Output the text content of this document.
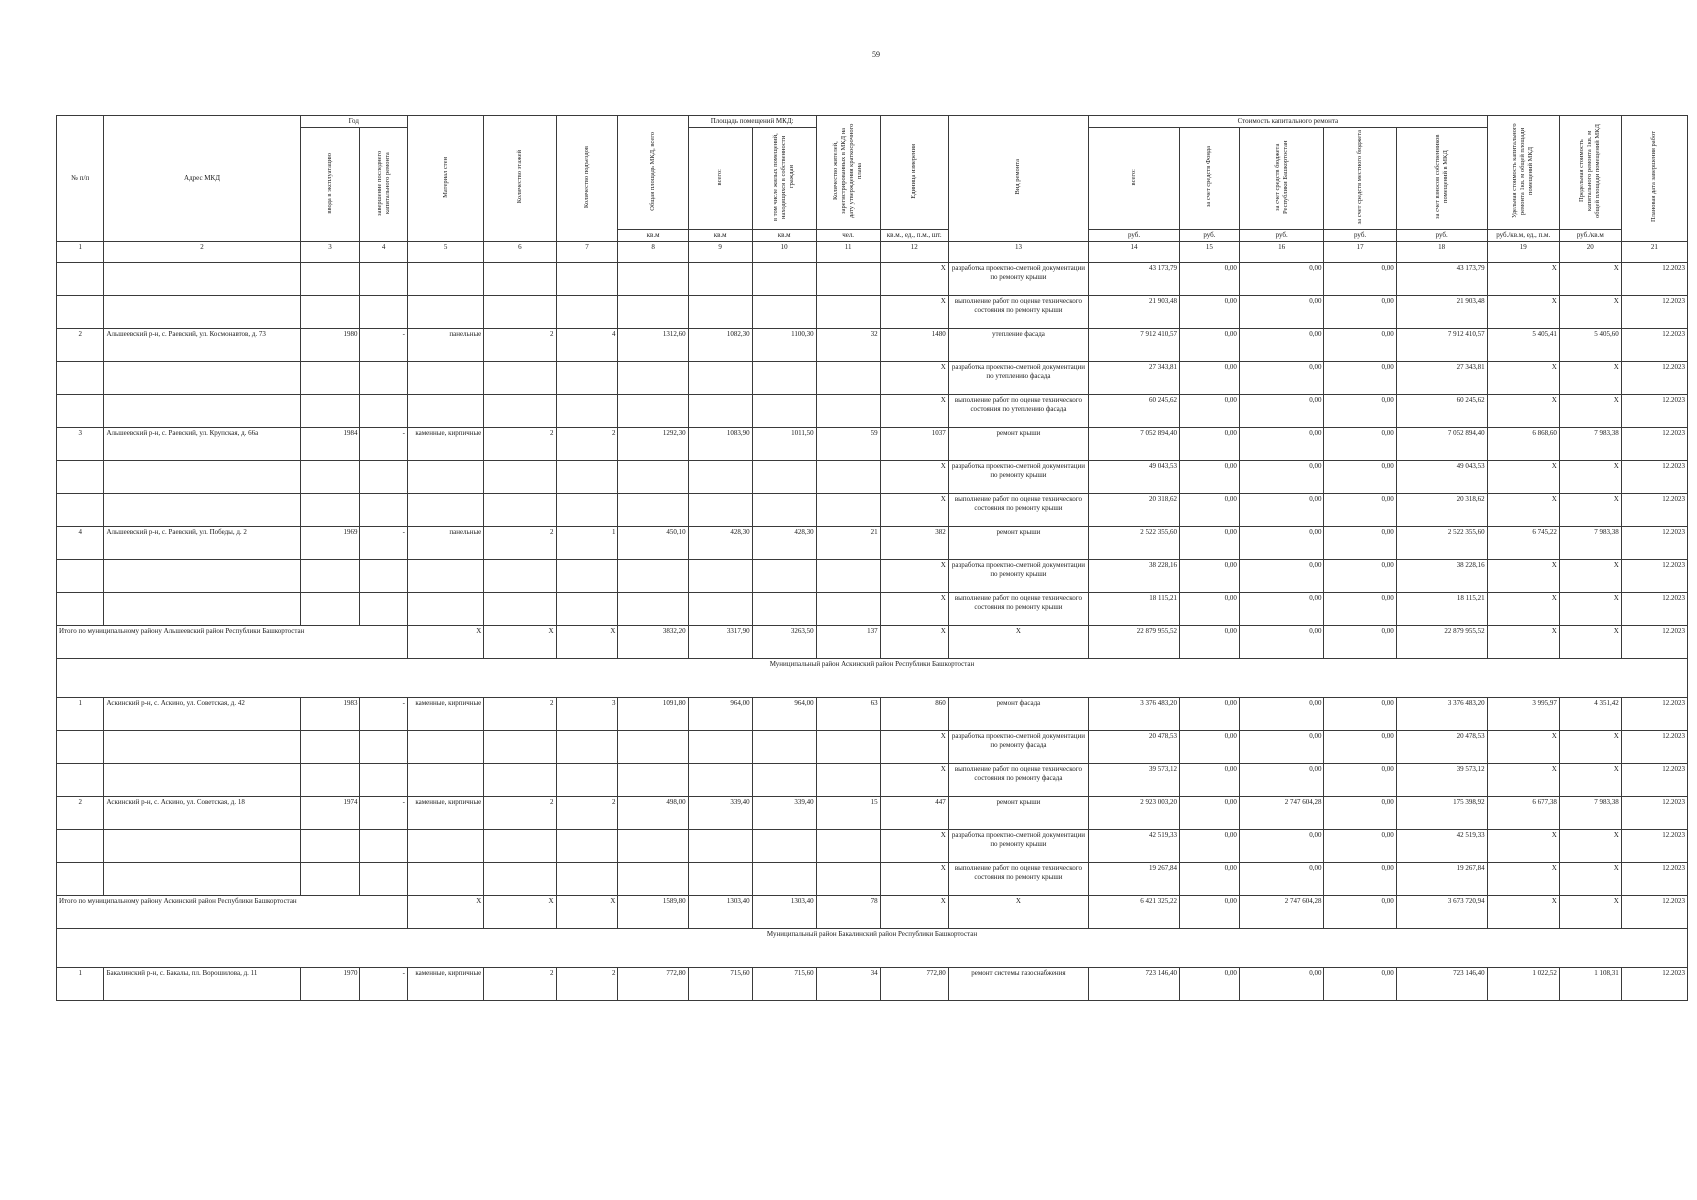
59
№ п/п	Адрес МКД	Год		Материал стен	Количество этажей	Количество подъездов	Общая площадь МКД, всего	Площадь помещений МКД:		Количество жителей, зарегистрированных в МКД на дату утверждения краткосрочного плана	Единица измерения	Вид ремонта	Стоимость капитального ремонта					Удельная стоимость капитального ремонта 1кв. м общей площади помещений МКД	Предельная стоимость капитального ремонта 1кв. м общей площади помещений МКД	Плановая дата завершения работ
		ввода в эксплуатацию	завершение последнего капитального ремонта					всего:	в том числе жилых помещений, находящихся в собственности граждан				всего:	за счет средств Фонда	за счет средств бюджета Республики Башкортостан	за счет средств местного бюджета	за счет взносов собственников помещений в МКД			
							кв.м	кв.м	кв.м	чел.	кв.м., ед., п.м., шт.		руб.	руб.	руб.	руб.	руб.	руб./кв.м, ед., п.м.	руб./кв.м	
1	2	3	4	5	6	7	8	9	10	11	12	13	14	15	16	17	18	19	20	21
											X	разработка проектно-сметной документации по ремонту крыши	43 173,79	0,00	0,00	0,00	43 173,79	X	X	12.2023
											X	выполнение работ по оценке технического состояния по ремонту крыши	21 903,48	0,00	0,00	0,00	21 903,48	X	X	12.2023
2	Альшеевский р-н, с. Раевский, ул. Космонавтов, д. 73	1980	-	панельные	2	4	1312,60	1082,30	1100,30	32	1480	утепление фасада	7 912 410,57	0,00	0,00	0,00	7 912 410,57	5 405,41	5 405,60	12.2023
											X	разработка проектно-сметной документации по утеплению фасада	27 343,81	0,00	0,00	0,00	27 343,81	X	X	12.2023
											X	выполнение работ по оценке технического состояния по утеплению фасада	60 245,62	0,00	0,00	0,00	60 245,62	X	X	12.2023
3	Альшеевский р-н, с. Раевский, ул. Крупская, д. 66а	1984	-	каменные, кирпичные	2	2	1292,30	1083,90	1011,50	59	1037	ремонт крыши	7 052 894,40	0,00	0,00	0,00	7 052 894,40	6 868,60	7 983,38	12.2023
											X	разработка проектно-сметной документации по ремонту крыши	49 043,53	0,00	0,00	0,00	49 043,53	X	X	12.2023
											X	выполнение работ по оценке технического состояния по ремонту крыши	20 318,62	0,00	0,00	0,00	20 318,62	X	X	12.2023
4	Альшеевский р-н, с. Раевский, ул. Победы, д. 2	1969	-	панельные	2	1	450,10	428,30	428,30	21	382	ремонт крыши	2 522 355,60	0,00	0,00	0,00	2 522 355,60	6 745,22	7 983,38	12.2023
											X	разработка проектно-сметной документации по ремонту крыши	38 228,16	0,00	0,00	0,00	38 228,16	X	X	12.2023
											X	выполнение работ по оценке технического состояния по ремонту крыши	18 115,21	0,00	0,00	0,00	18 115,21	X	X	12.2023
Итого по муниципальному району Альшеевский район Республики Башкортостан				X	X	X	3832,20	3317,90	3263,50	137	X	X	22 879 955,52	0,00	0,00	0,00	22 879 955,52	X	X	12.2023
Муниципальный район Аскинский район Республики Башкортостан																				
1	Аскинский р-н, с. Аскино, ул. Советская, д. 42	1983	-	каменные, кирпичные	2	3	1091,80	964,00	964,00	63	860	ремонт фасада	3 376 483,20	0,00	0,00	0,00	3 376 483,20	3 995,97	4 351,42	12.2023
											X	разработка проектно-сметной документации по ремонту фасада	20 478,53	0,00	0,00	0,00	20 478,53	X	X	12.2023
											X	выполнение работ по оценке технического состояния по ремонту фасада	39 573,12	0,00	0,00	0,00	39 573,12	X	X	12.2023
2	Аскинский р-н, с. Аскино, ул. Советская, д. 18	1974	-	каменные, кирпичные	2	2	498,00	339,40	339,40	15	447	ремонт крыши	2 923 003,20	0,00	2 747 604,28	0,00	175 398,92	6 677,38	7 983,38	12.2023
											X	разработка проектно-сметной документации по ремонту крыши	42 519,33	0,00	0,00	0,00	42 519,33	X	X	12.2023
											X	выполнение работ по оценке технического состояния по ремонту крыши	19 267,84	0,00	0,00	0,00	19 267,84	X	X	12.2023
Итого по муниципальному району Аскинский район Республики Башкортостан				X	X	X	1589,80	1303,40	1303,40	78	X	X	6 421 325,22	0,00	2 747 604,28	0,00	3 673 720,94	X	X	12.2023
Муниципальный район Бакалинский район Республики Башкортостан																				
1	Бакалинский р-н, с. Бакалы, пл. Ворошилова, д. 11	1970	-	каменные, кирпичные	2	2	772,80	715,60	715,60	34	772,80	ремонт системы газоснабжения	723 146,40	0,00	0,00	0,00	723 146,40	1 022,52	1 108,31	12.2023
